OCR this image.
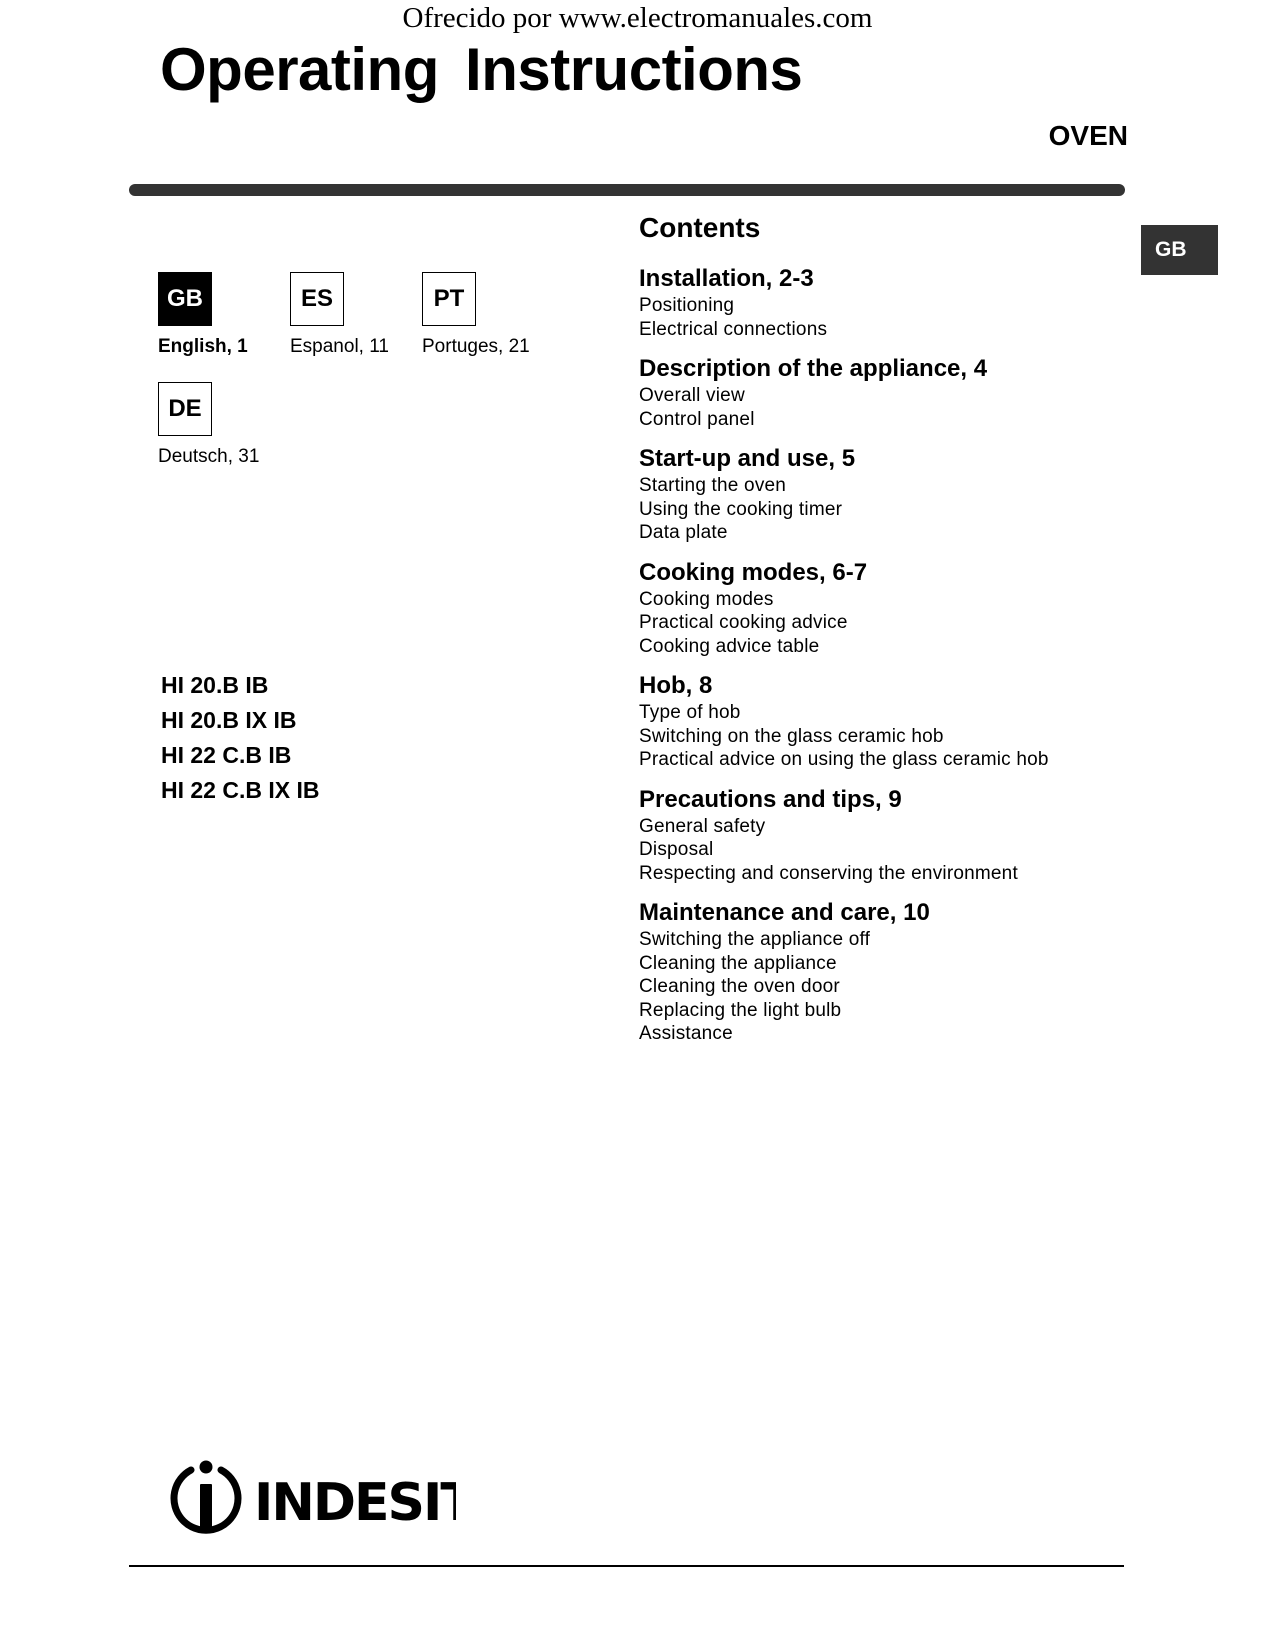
Ofrecido por www.electromanuales.com
Operating Instructions
OVEN
GB
GB
English, 1
ES
Espanol, 11
PT
Portuges, 21
DE
Deutsch, 31
HI 20.B IB
HI 20.B IX IB
HI 22 C.B IB
HI 22 C.B IX IB
Contents
Installation, 2-3
Positioning
Electrical connections
Description of the appliance, 4
Overall view
Control panel
Start-up and use, 5
Starting the oven
Using the cooking timer
Data plate
Cooking modes, 6-7
Cooking modes
Practical cooking advice
Cooking advice table
Hob, 8
Type of hob
Switching on the glass ceramic hob
Practical advice on using the glass ceramic hob
Precautions and tips, 9
General safety
Disposal
Respecting and conserving the environment
Maintenance and care, 10
Switching the appliance off
Cleaning the appliance
Cleaning the oven door
Replacing the light bulb
Assistance
INDESIT
